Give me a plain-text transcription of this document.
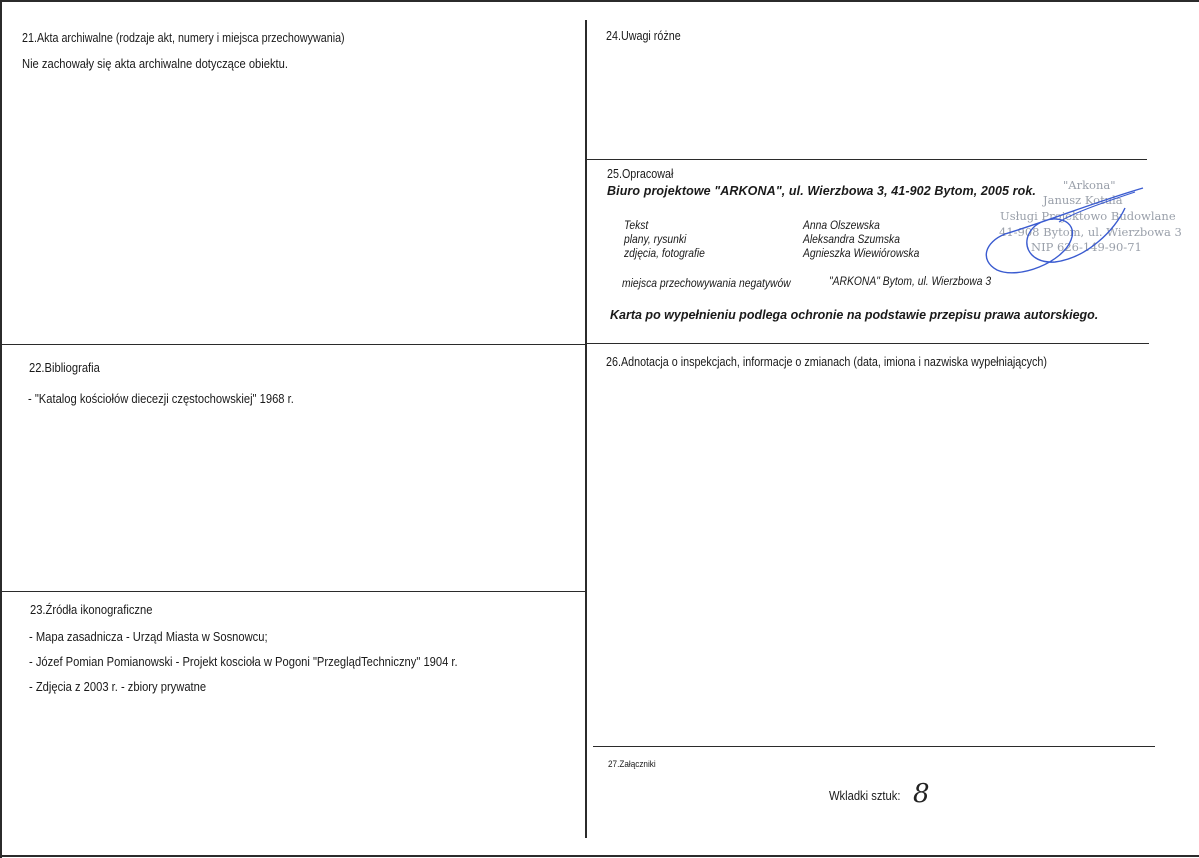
21.Akta archiwalne (rodzaje akt, numery i miejsca przechowywania)
Nie zachowały się akta archiwalne dotyczące obiektu.
24.Uwagi różne
25.Opracował
Biuro projektowe "ARKONA", ul. Wierzbowa 3, 41-902 Bytom, 2005 rok.
Tekst	Anna Olszewska
plany, rysunki	Aleksandra Szumska
zdjęcia, fotografie	Agnieszka Wiewiórowska
miejsca przechowywania negatywów	"ARKONA" Bytom, ul. Wierzbowa 3
Karta po wypełnieniu podlega ochronie na podstawie przepisu prawa autorskiego.
"Arkona"
Janusz Kotula
Usługi Projektowo Budowlane
41-908 Bytom, ul. Wierzbowa 3
NIP 626-149-90-71
22.Bibliografia
- "Katalog kościołów diecezji częstochowskiej" 1968 r.
23.Źródła ikonograficzne
- Mapa zasadnicza - Urząd Miasta w Sosnowcu;
- Józef Pomian Pomianowski - Projekt koscioła w Pogoni "PrzeglądTechniczny" 1904 r.
- Zdjęcia z 2003 r. - zbiory prywatne
26.Adnotacja o inspekcjach, informacje o zmianach (data, imiona i nazwiska wypełniających)
27.Załączniki
Wkladki sztuk: 8
